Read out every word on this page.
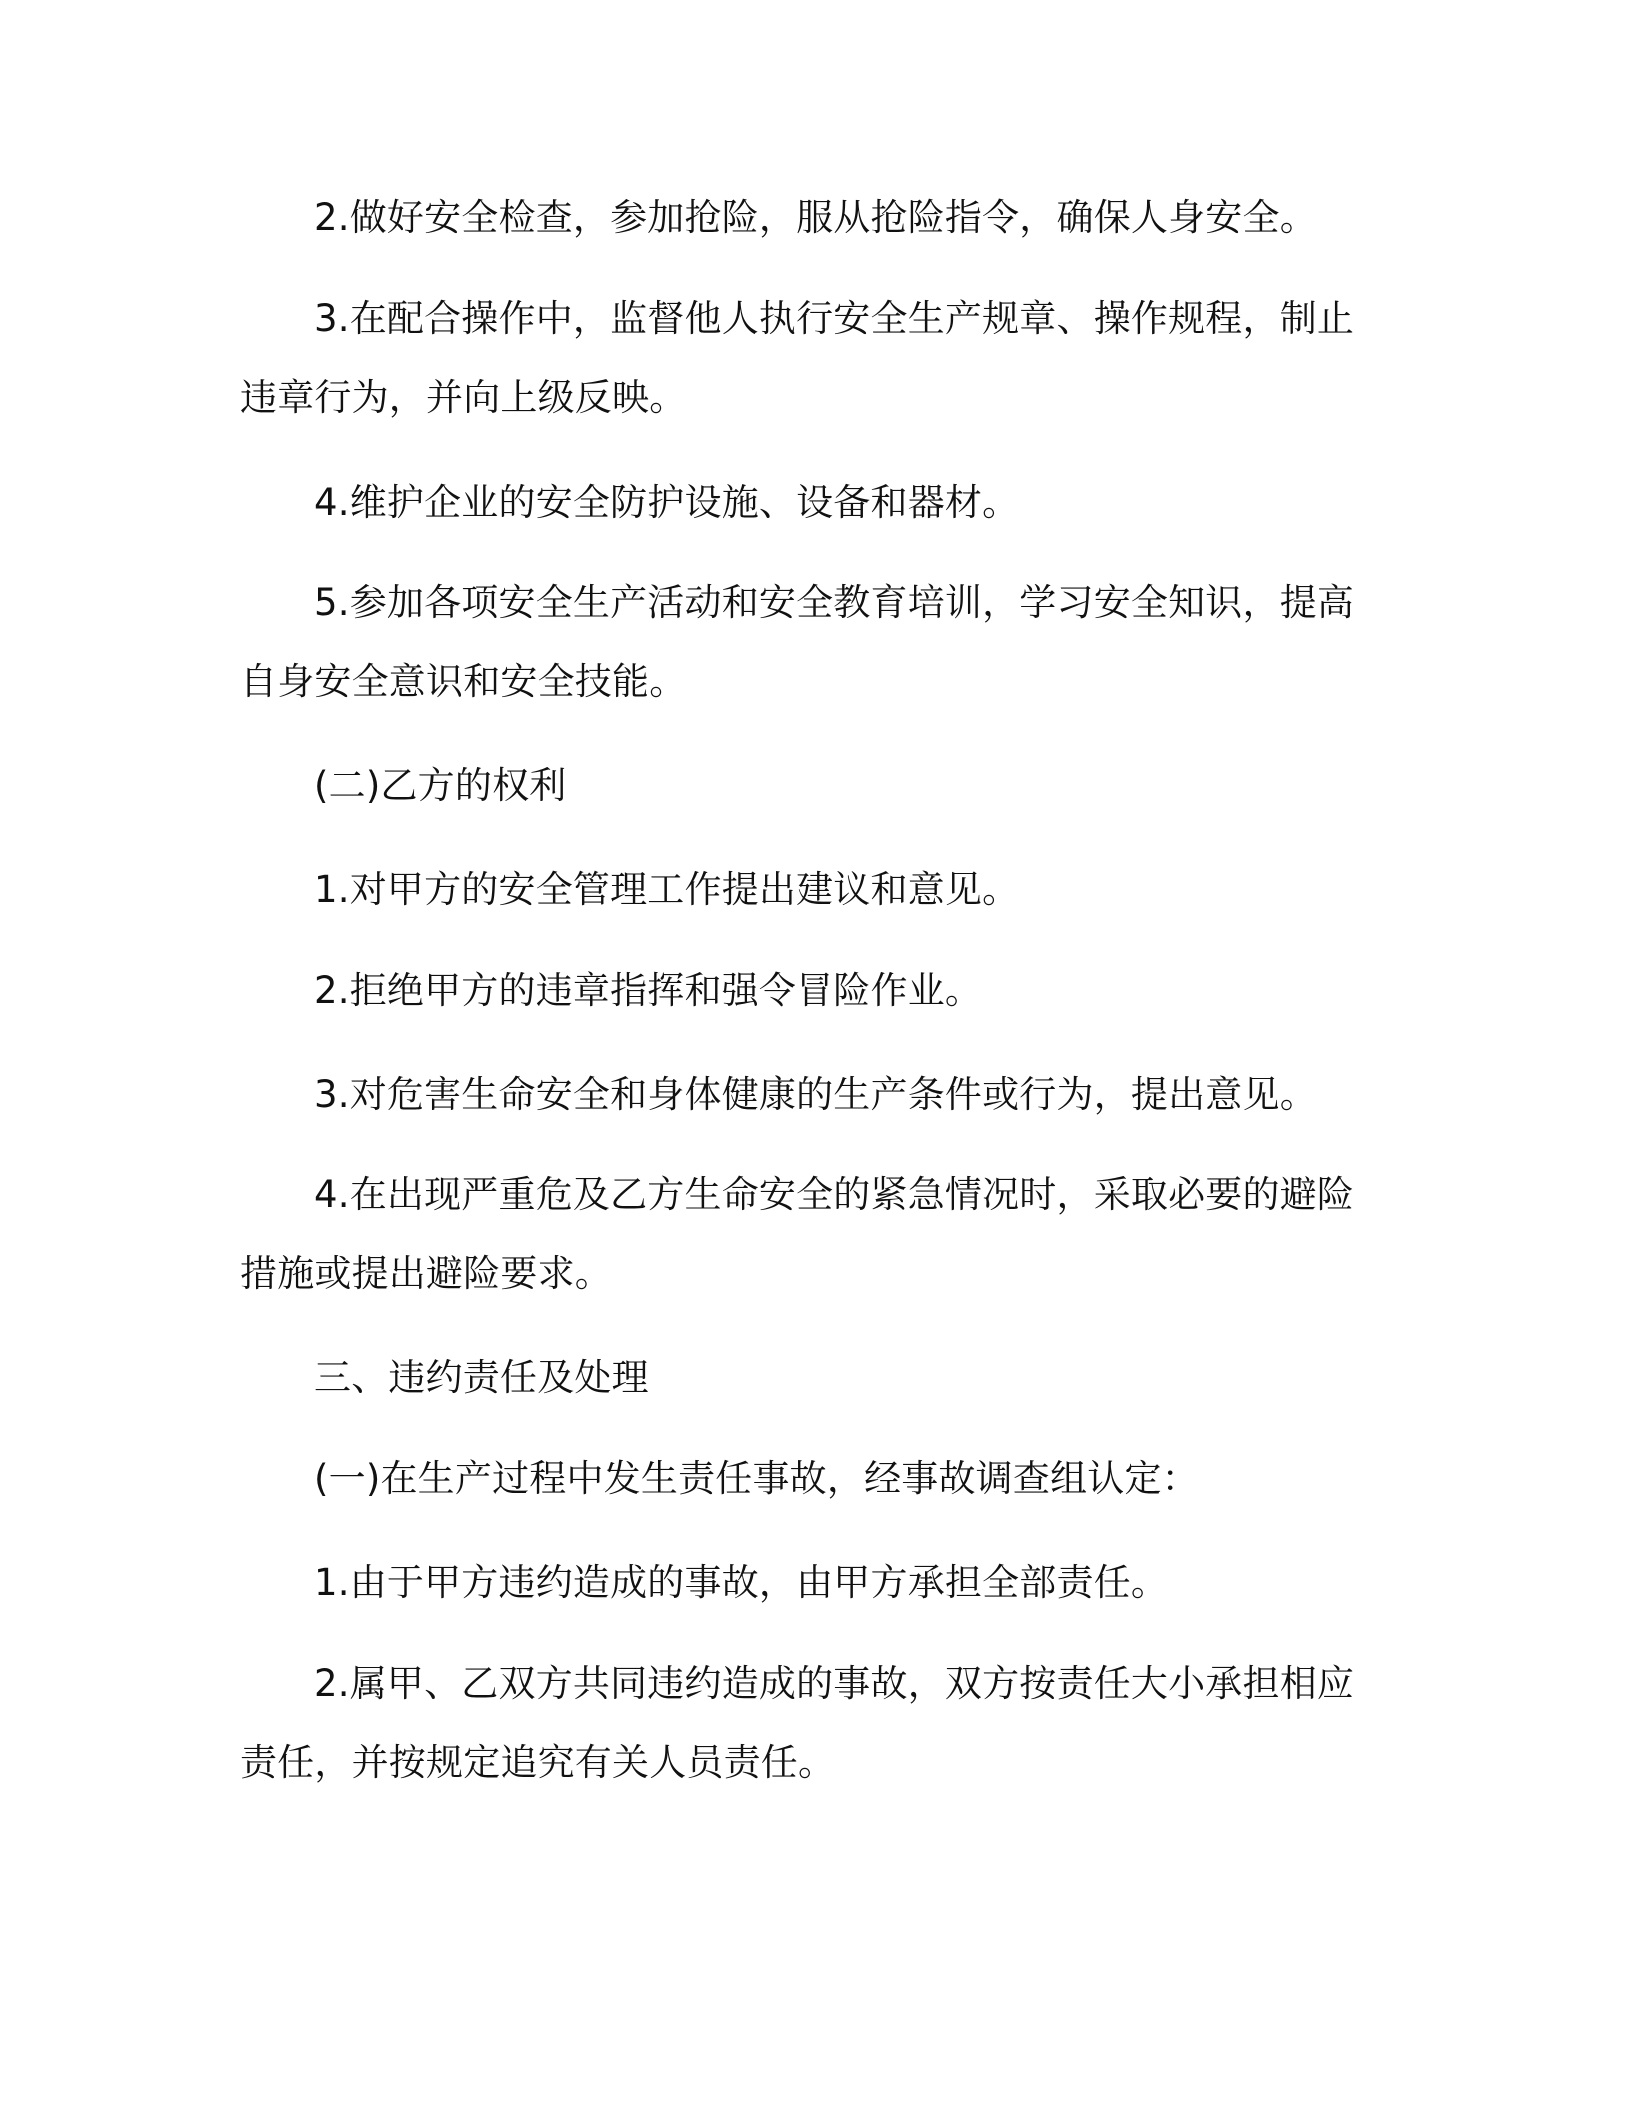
2.做好安全检查，参加抢险，服从抢险指令，确保人身安全。
3.在配合操作中，监督他人执行安全生产规章、操作规程，制止
违章行为，并向上级反映。
4.维护企业的安全防护设施、设备和器材。
5.参加各项安全生产活动和安全教育培训，学习安全知识，提高
自身安全意识和安全技能。
(二)乙方的权利
1.对甲方的安全管理工作提出建议和意见。
2.拒绝甲方的违章指挥和强令冒险作业。
3.对危害生命安全和身体健康的生产条件或行为，提出意见。
4.在出现严重危及乙方生命安全的紧急情况时，采取必要的避险
措施或提出避险要求。
三、违约责任及处理
(一)在生产过程中发生责任事故，经事故调查组认定：
1.由于甲方违约造成的事故，由甲方承担全部责任。
2.属甲、乙双方共同违约造成的事故，双方按责任大小承担相应
责任，并按规定追究有关人员责任。
